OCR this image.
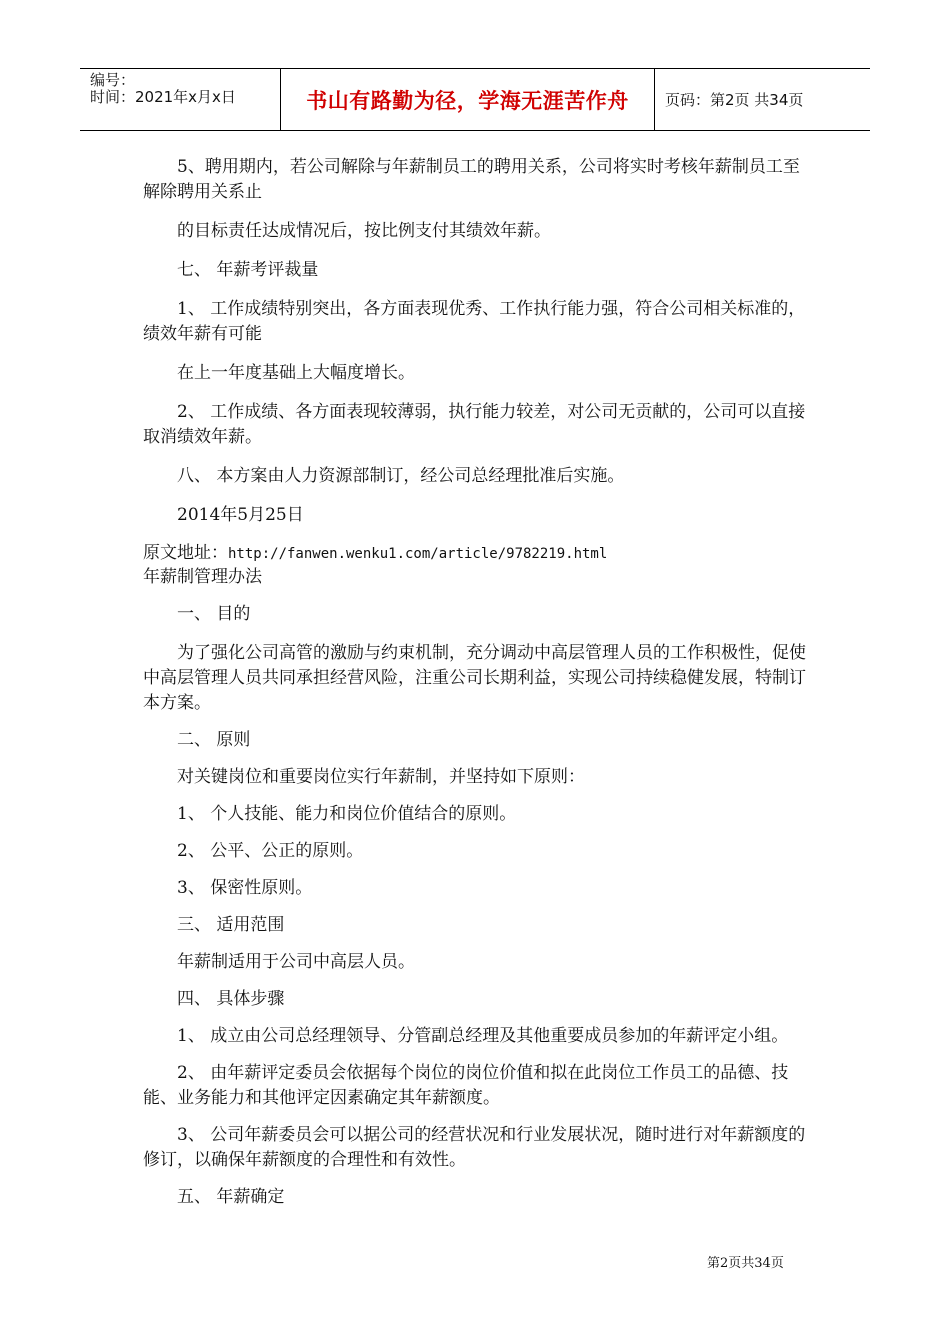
编号：
时间：2021年x月x日	书山有路勤为径，学海无涯苦作舟 页码：第2页 共34页

5、聘用期内，若公司解除与年薪制员工的聘用关系，公司将实时考核年薪制员工至解除聘用关系止

的目标责任达成情况后，按比例支付其绩效年薪。

七、 年薪考评裁量

1、 工作成绩特别突出，各方面表现优秀、工作执行能力强，符合公司相关标准的，绩效年薪有可能

在上一年度基础上大幅度增长。

2、 工作成绩、各方面表现较薄弱，执行能力较差，对公司无贡献的，公司可以直接取消绩效年薪。

八、 本方案由人力资源部制订，经公司总经理批准后实施。

2014年5月25日

原文地址：http://fanwen.wenku1.com/article/9782219.html

年薪制管理办法

一、 目的

为了强化公司高管的激励与约束机制，充分调动中高层管理人员的工作积极性，促使中高层管理人员共同承担经营风险，注重公司长期利益，实现公司持续稳健发展，特制订本方案。

二、 原则

对关键岗位和重要岗位实行年薪制，并坚持如下原则：

1、 个人技能、能力和岗位价值结合的原则。

2、 公平、公正的原则。

3、 保密性原则。

三、 适用范围

年薪制适用于公司中高层人员。

四、 具体步骤

1、 成立由公司总经理领导、分管副总经理及其他重要成员参加的年薪评定小组。

2、 由年薪评定委员会依据每个岗位的岗位价值和拟在此岗位工作员工的品德、技能、业务能力和其他评定因素确定其年薪额度。

3、 公司年薪委员会可以据公司的经营状况和行业发展状况，随时进行对年薪额度的修订，以确保年薪额度的合理性和有效性。

五、 年薪确定

第2页共34页
